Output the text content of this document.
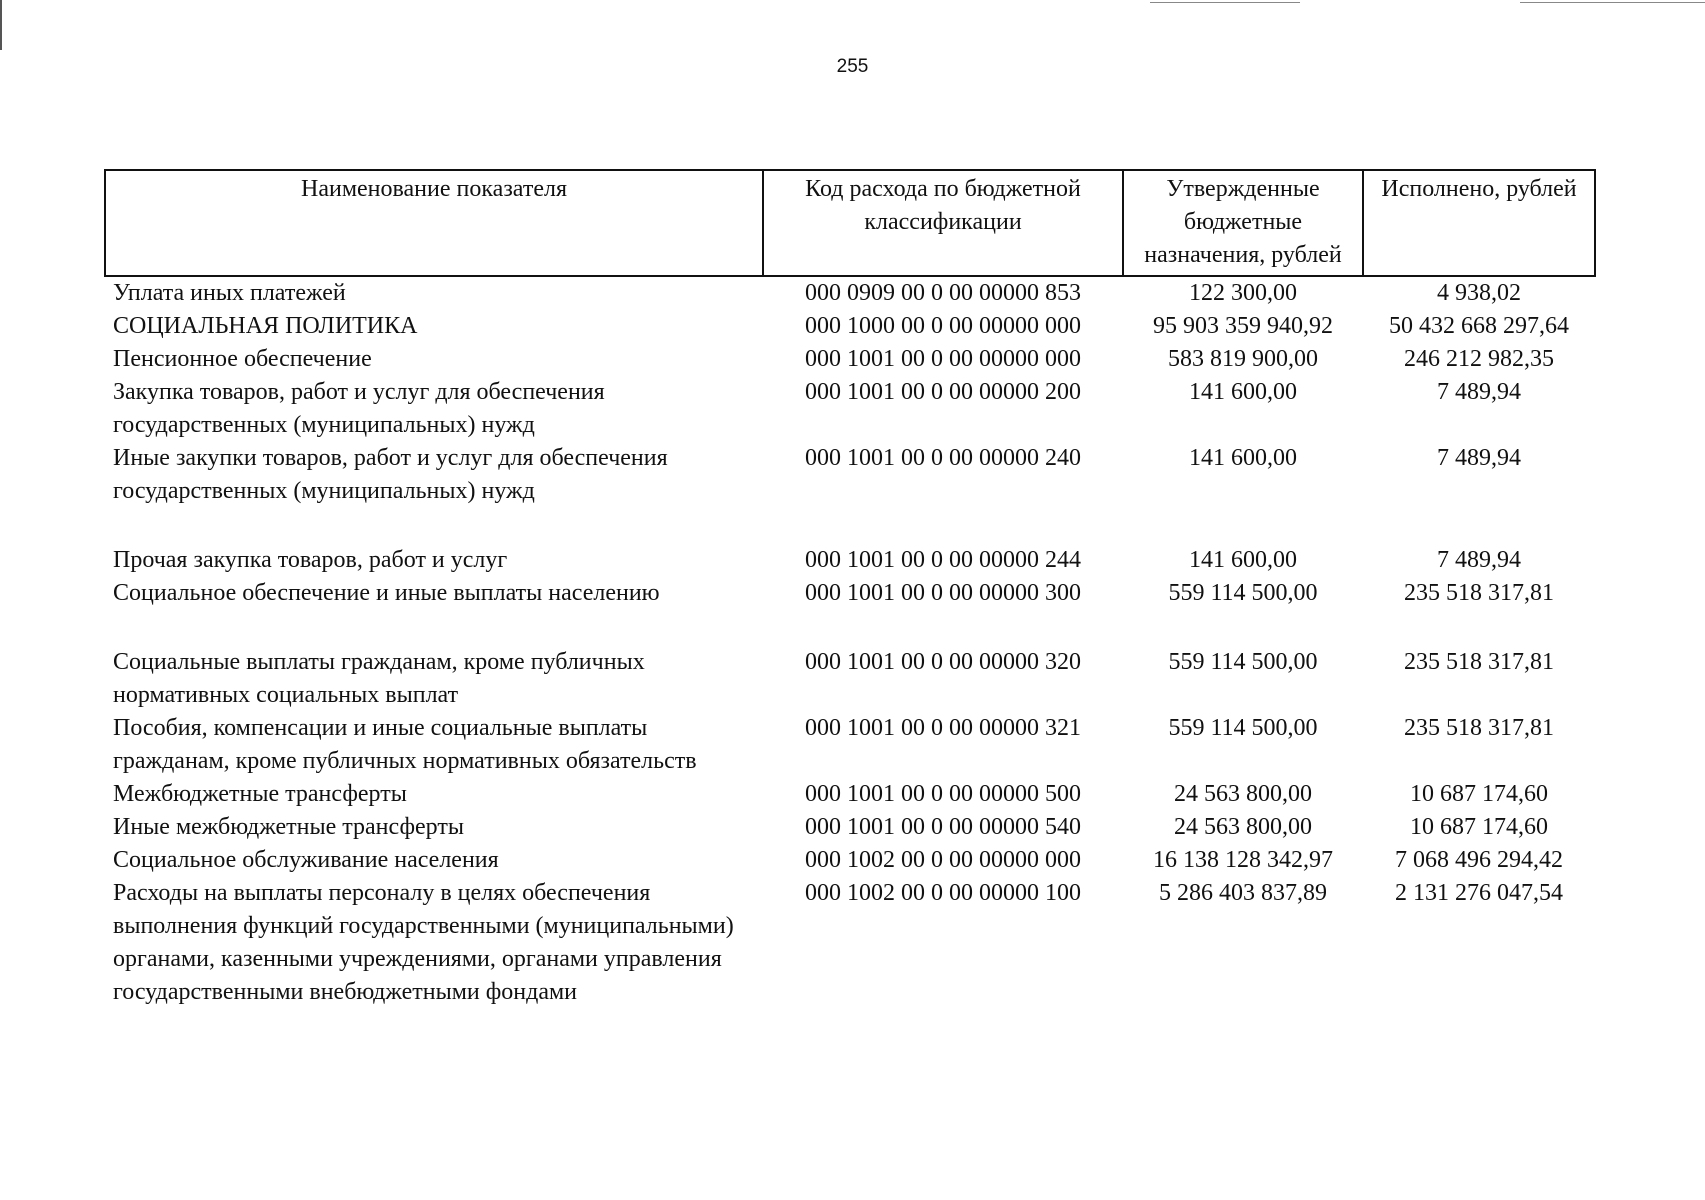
255
Наименование показателя	Код расхода по бюджетной классификации	Утвержденные бюджетные назначения, рублей	Исполнено, рублей
Уплата иных платежей	000 0909 00 0 00 00000 853	122 300,00	4 938,02
СОЦИАЛЬНАЯ ПОЛИТИКА	000 1000 00 0 00 00000 000	95 903 359 940,92	50 432 668 297,64
Пенсионное обеспечение	000 1001 00 0 00 00000 000	583 819 900,00	246 212 982,35
Закупка товаров, работ и услуг для обеспечения государственных (муниципальных) нужд	000 1001 00 0 00 00000 200	141 600,00	7 489,94
Иные закупки товаров, работ и услуг для обеспечения государственных (муниципальных) нужд	000 1001 00 0 00 00000 240	141 600,00	7 489,94
Прочая закупка товаров, работ и услуг	000 1001 00 0 00 00000 244	141 600,00	7 489,94
Социальное обеспечение и иные выплаты населению	000 1001 00 0 00 00000 300	559 114 500,00	235 518 317,81
Социальные выплаты гражданам, кроме публичных нормативных социальных выплат	000 1001 00 0 00 00000 320	559 114 500,00	235 518 317,81
Пособия, компенсации и иные социальные выплаты гражданам, кроме публичных нормативных обязательств	000 1001 00 0 00 00000 321	559 114 500,00	235 518 317,81
Межбюджетные трансферты	000 1001 00 0 00 00000 500	24 563 800,00	10 687 174,60
Иные межбюджетные трансферты	000 1001 00 0 00 00000 540	24 563 800,00	10 687 174,60
Социальное обслуживание населения	000 1002 00 0 00 00000 000	16 138 128 342,97	7 068 496 294,42
Расходы на выплаты персоналу в целях обеспечения выполнения функций государственными (муниципальными) органами, казенными учреждениями, органами управления государственными внебюджетными фондами	000 1002 00 0 00 00000 100	5 286 403 837,89	2 131 276 047,54
